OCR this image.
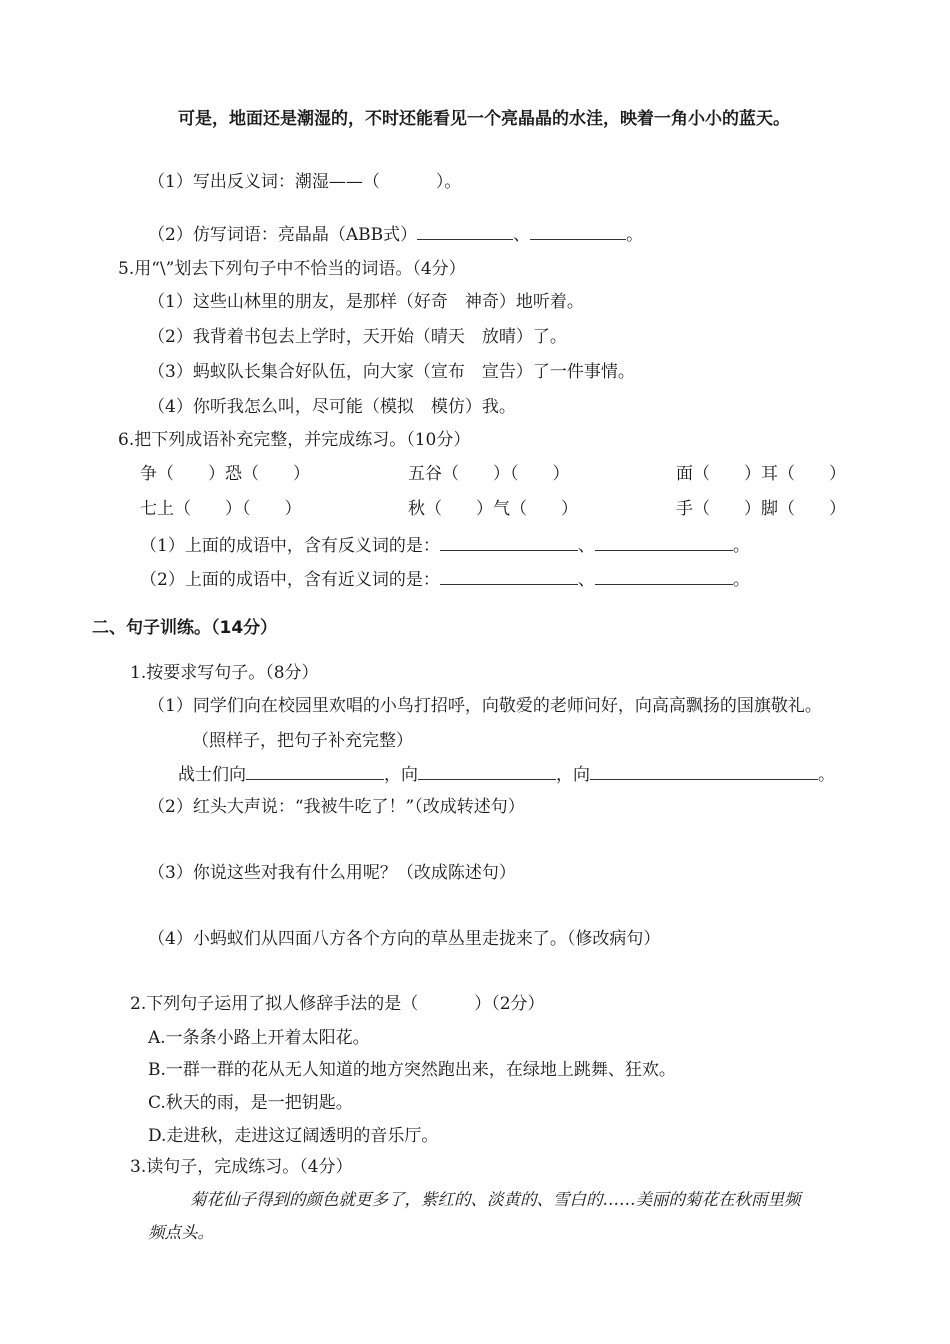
可是，地面还是潮湿的，不时还能看见一个亮晶晶的水洼，映着一角小小的蓝天。
（1）写出反义词：潮湿——（	）。
（2）仿写词语：亮晶晶（ABB式）	、	。
5.用“\”划去下列句子中不恰当的词语。（4分）
（1）这些山林里的朋友，是那样（好奇　神奇）地听着。
（2）我背着书包去上学时，天开始（晴天　放晴）了。
（3）蚂蚁队长集合好队伍，向大家（宣布　宣告）了一件事情。
（4）你听我怎么叫，尽可能（模拟　模仿）我。
6.把下列成语补充完整，并完成练习。（10分）
争（　　）恐（　　）	五谷（　　）（　　）	面（　　）耳（　　）
七上（　　）（　　）	秋（　　）气（　　）	手（　　）脚（　　）
（1）上面的成语中，含有反义词的是：	、	。
（2）上面的成语中，含有近义词的是：	、	。
二、句子训练。（14分）
1.按要求写句子。（8分）
（1）同学们向在校园里欢唱的小鸟打招呼，向敬爱的老师问好，向高高飘扬的国旗敬礼。
（照样子，把句子补充完整）
战士们向	，向	，向	。
（2）红头大声说：“我被牛吃了！”（改成转述句）
（3）你说这些对我有什么用呢？（改成陈述句）
（4）小蚂蚁们从四面八方各个方向的草丛里走拢来了。（修改病句）
2.下列句子运用了拟人修辞手法的是（	）（2分）
A.一条条小路上开着太阳花。
B.一群一群的花从无人知道的地方突然跑出来，在绿地上跳舞、狂欢。
C.秋天的雨，是一把钥匙。
D.走进秋，走进这辽阔透明的音乐厅。
3.读句子，完成练习。（4分）
菊花仙子得到的颜色就更多了，紫红的、淡黄的、雪白的……美丽的菊花在秋雨里频
频点头。
